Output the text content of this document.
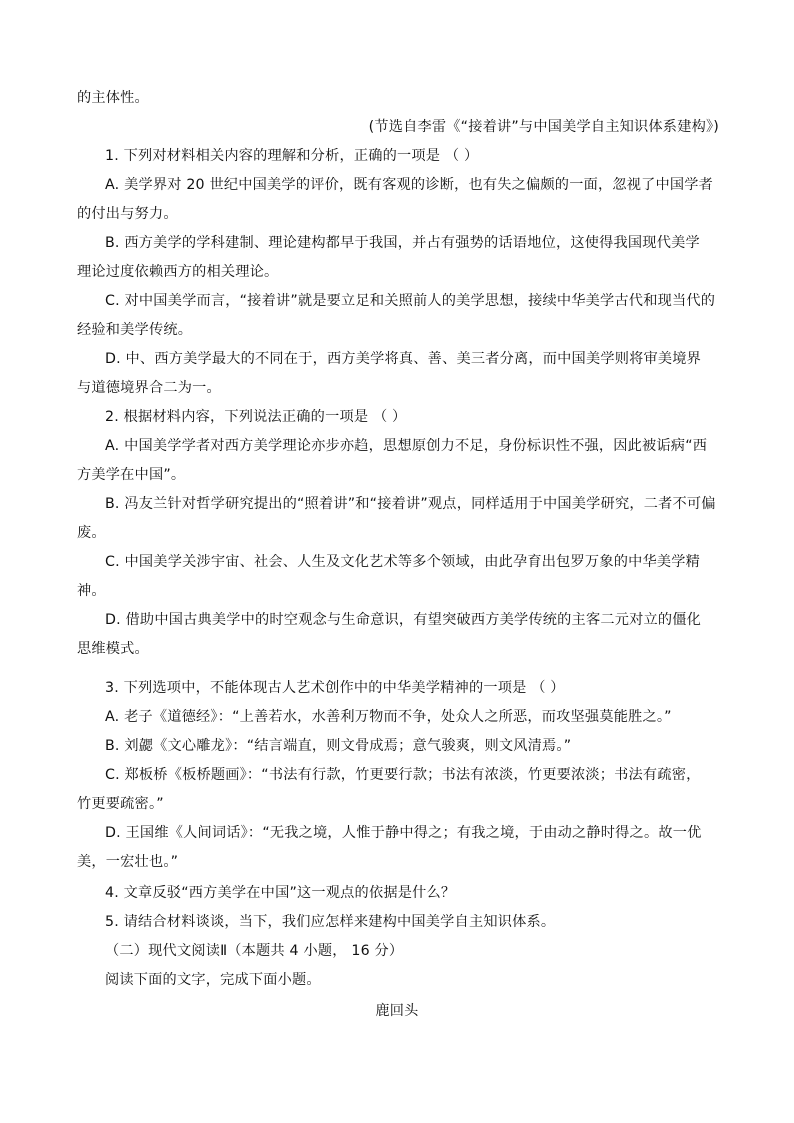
的主体性。
(节选自李雷《“接着讲”与中国美学自主知识体系建构》)
1. 下列对材料相关内容的理解和分析，正确的一项是 （ ）
A. 美学界对 20 世纪中国美学的评价，既有客观的诊断，也有失之偏颇的一面，忽视了中国学者
的付出与努力。
B. 西方美学的学科建制、理论建构都早于我国，并占有强势的话语地位，这使得我国现代美学
理论过度依赖西方的相关理论。
C. 对中国美学而言，“接着讲”就是要立足和关照前人的美学思想，接续中华美学古代和现当代的
经验和美学传统。
D. 中、西方美学最大的不同在于，西方美学将真、善、美三者分离，而中国美学则将审美境界
与道德境界合二为一。
2. 根据材料内容，下列说法正确的一项是 （ ）
A. 中国美学学者对西方美学理论亦步亦趋，思想原创力不足，身份标识性不强，因此被诟病“西
方美学在中国”。
B. 冯友兰针对哲学研究提出的“照着讲”和“接着讲”观点，同样适用于中国美学研究，二者不可偏
废。
C. 中国美学关涉宇宙、社会、人生及文化艺术等多个领域，由此孕育出包罗万象的中华美学精
神。
D. 借助中国古典美学中的时空观念与生命意识，有望突破西方美学传统的主客二元对立的僵化
思维模式。
3. 下列选项中，不能体现古人艺术创作中的中华美学精神的一项是 （ ）
A. 老子《道德经》：“上善若水，水善利万物而不争，处众人之所恶，而攻坚强莫能胜之。”
B. 刘勰《文心雕龙》：“结言端直，则文骨成焉；意气骏爽，则文风清焉。”
C. 郑板桥《板桥题画》：“书法有行款，竹更要行款；书法有浓淡，竹更要浓淡；书法有疏密，
竹更要疏密。”
D. 王国维《人间词话》：“无我之境，人惟于静中得之；有我之境，于由动之静时得之。故一优
美，一宏壮也。”
4. 文章反驳“西方美学在中国”这一观点的依据是什么？
5. 请结合材料谈谈，当下，我们应怎样来建构中国美学自主知识体系。
（二）现代文阅读Ⅱ（本题共 4 小题， 16 分）
阅读下面的文字，完成下面小题。
鹿回头
